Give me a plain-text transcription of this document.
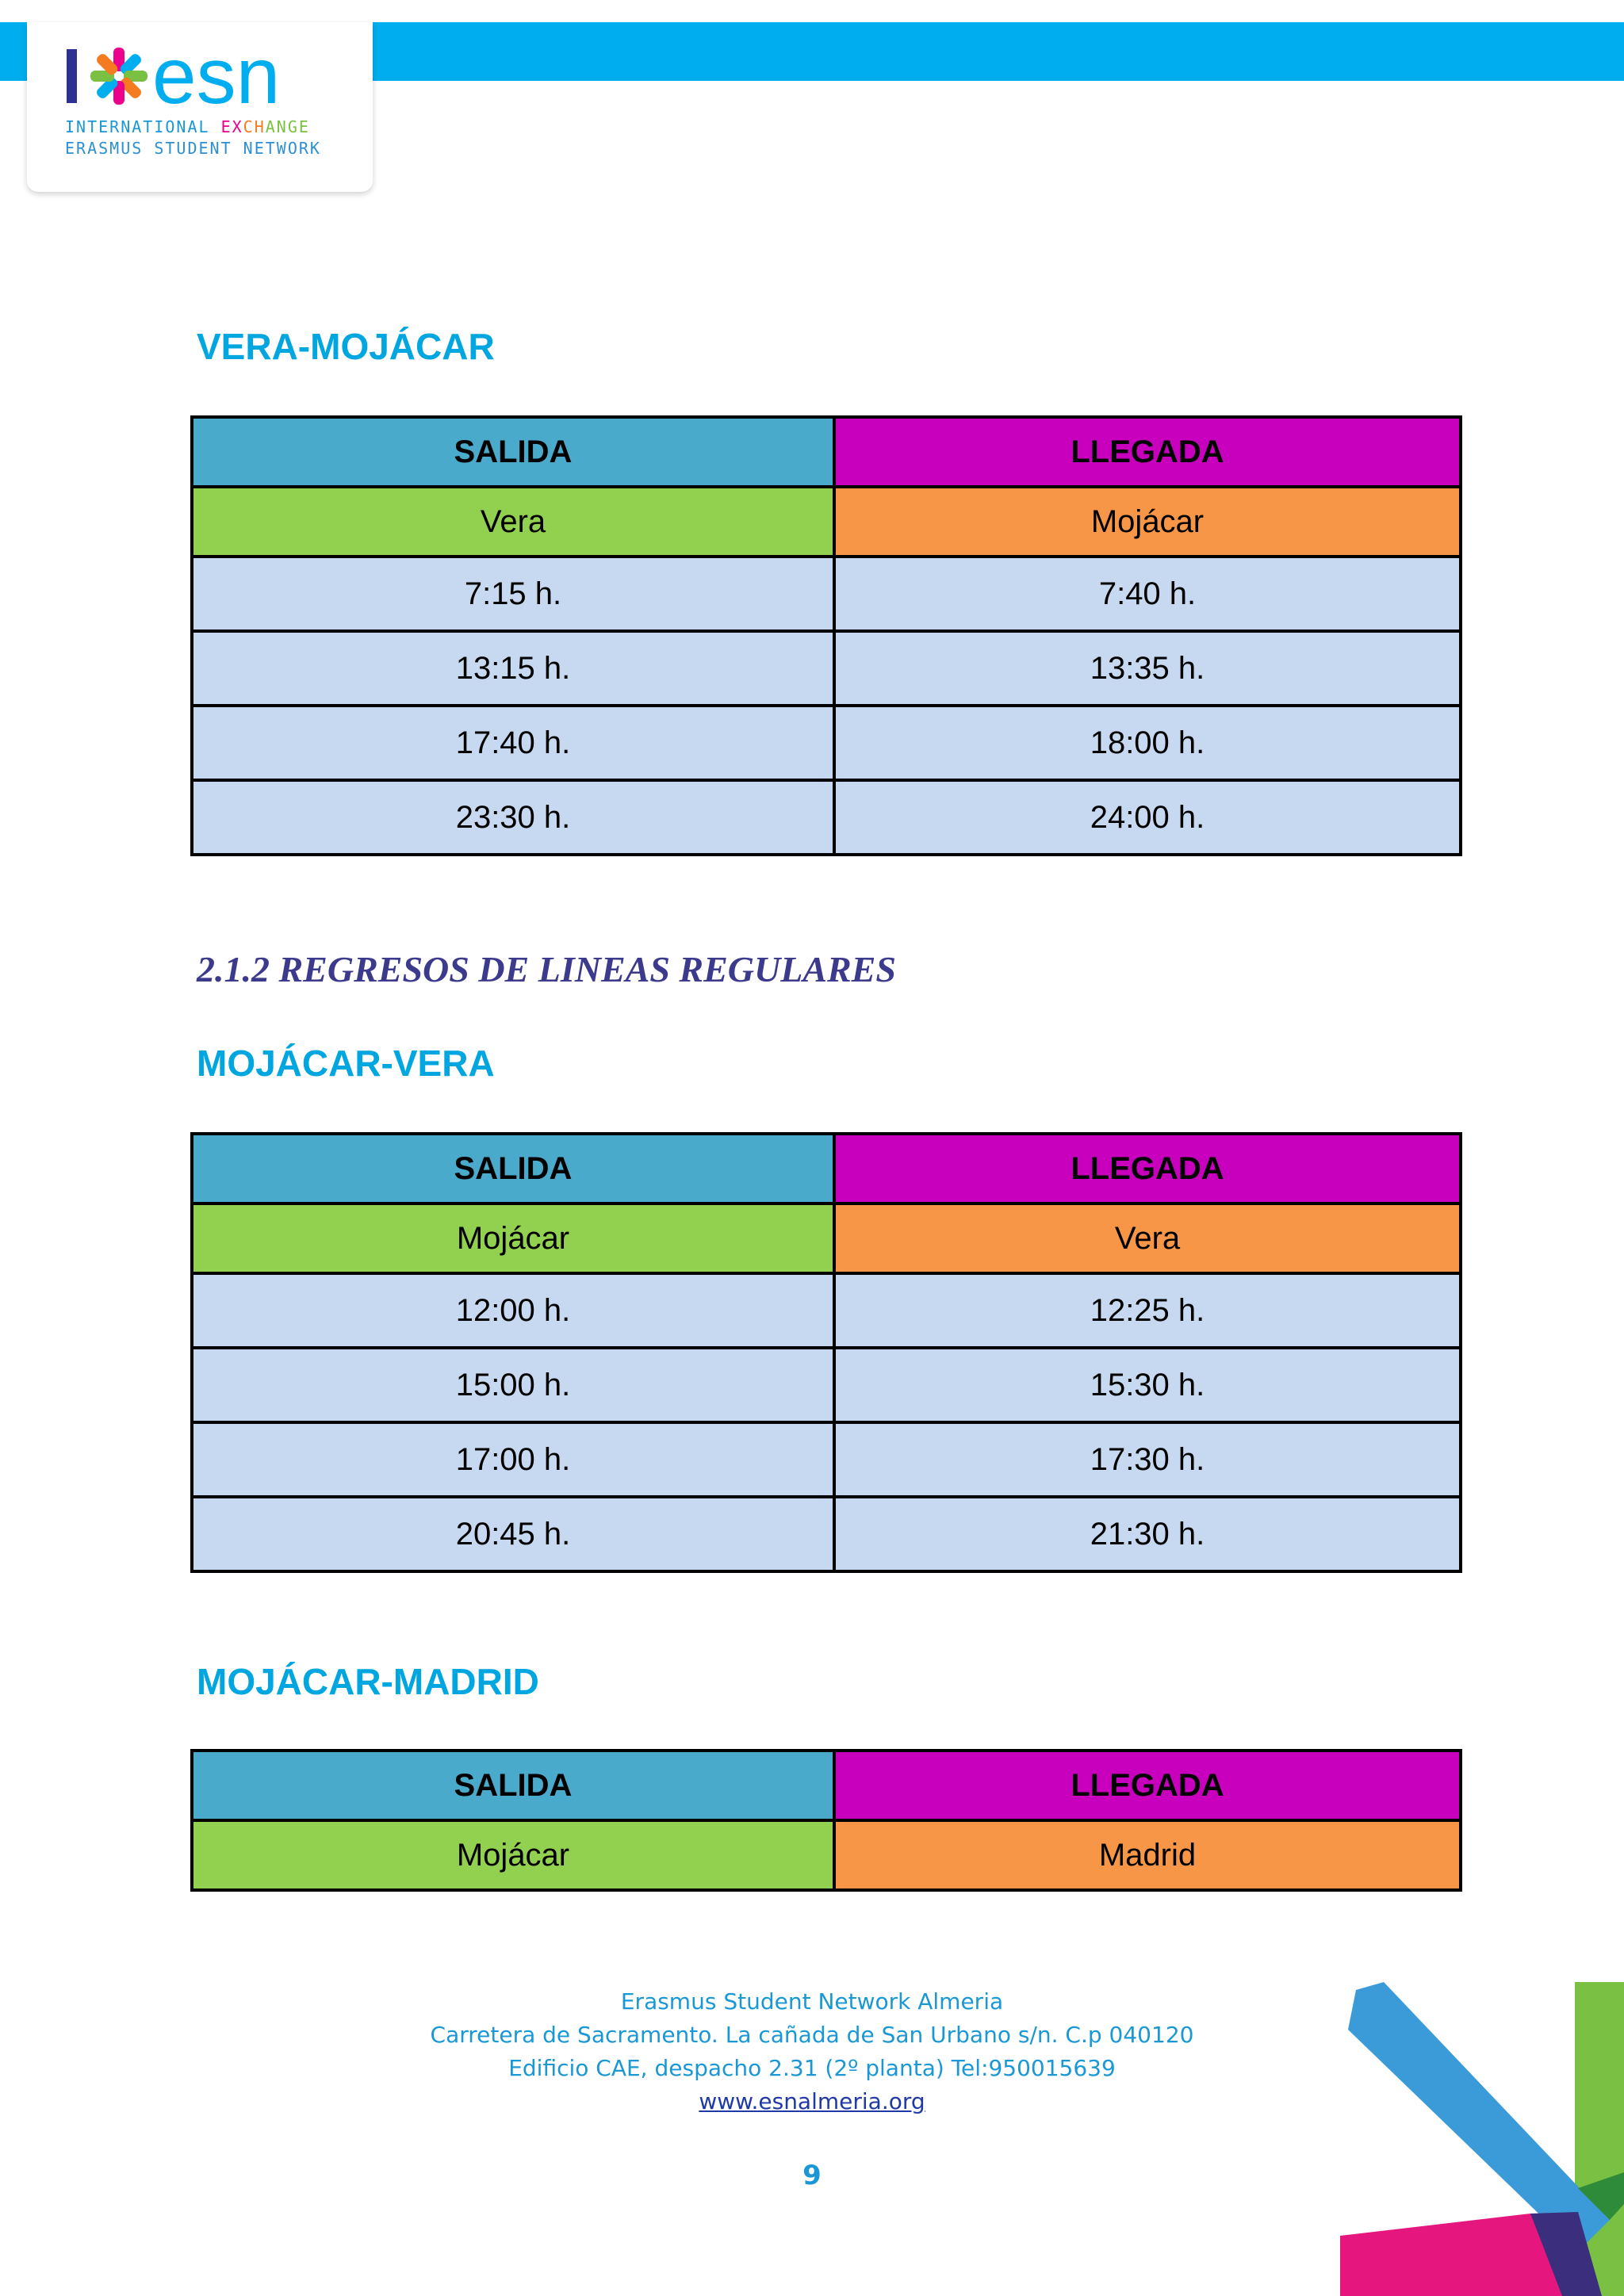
esn
INTERNATIONAL EXCHANGE
ERASMUS STUDENT NETWORK
VERA-MOJÁCAR
SALIDA	LLEGADA
Vera	Mojácar
7:15 h.	7:40 h.
13:15 h.	13:35 h.
17:40 h.	18:00 h.
23:30 h.	24:00 h.
2.1.2 REGRESOS DE LINEAS REGULARES
MOJÁCAR-VERA
SALIDA	LLEGADA
Mojácar	Vera
12:00 h.	12:25 h.
15:00 h.	15:30 h.
17:00 h.	17:30 h.
20:45 h.	21:30 h.
MOJÁCAR-MADRID
SALIDA	LLEGADA
Mojácar	Madrid
Erasmus Student Network Almeria
Carretera de Sacramento. La cañada de San Urbano s/n. C.p 040120
Edificio CAE, despacho 2.31 (2º planta) Tel:950015639
www.esnalmeria.org
9
